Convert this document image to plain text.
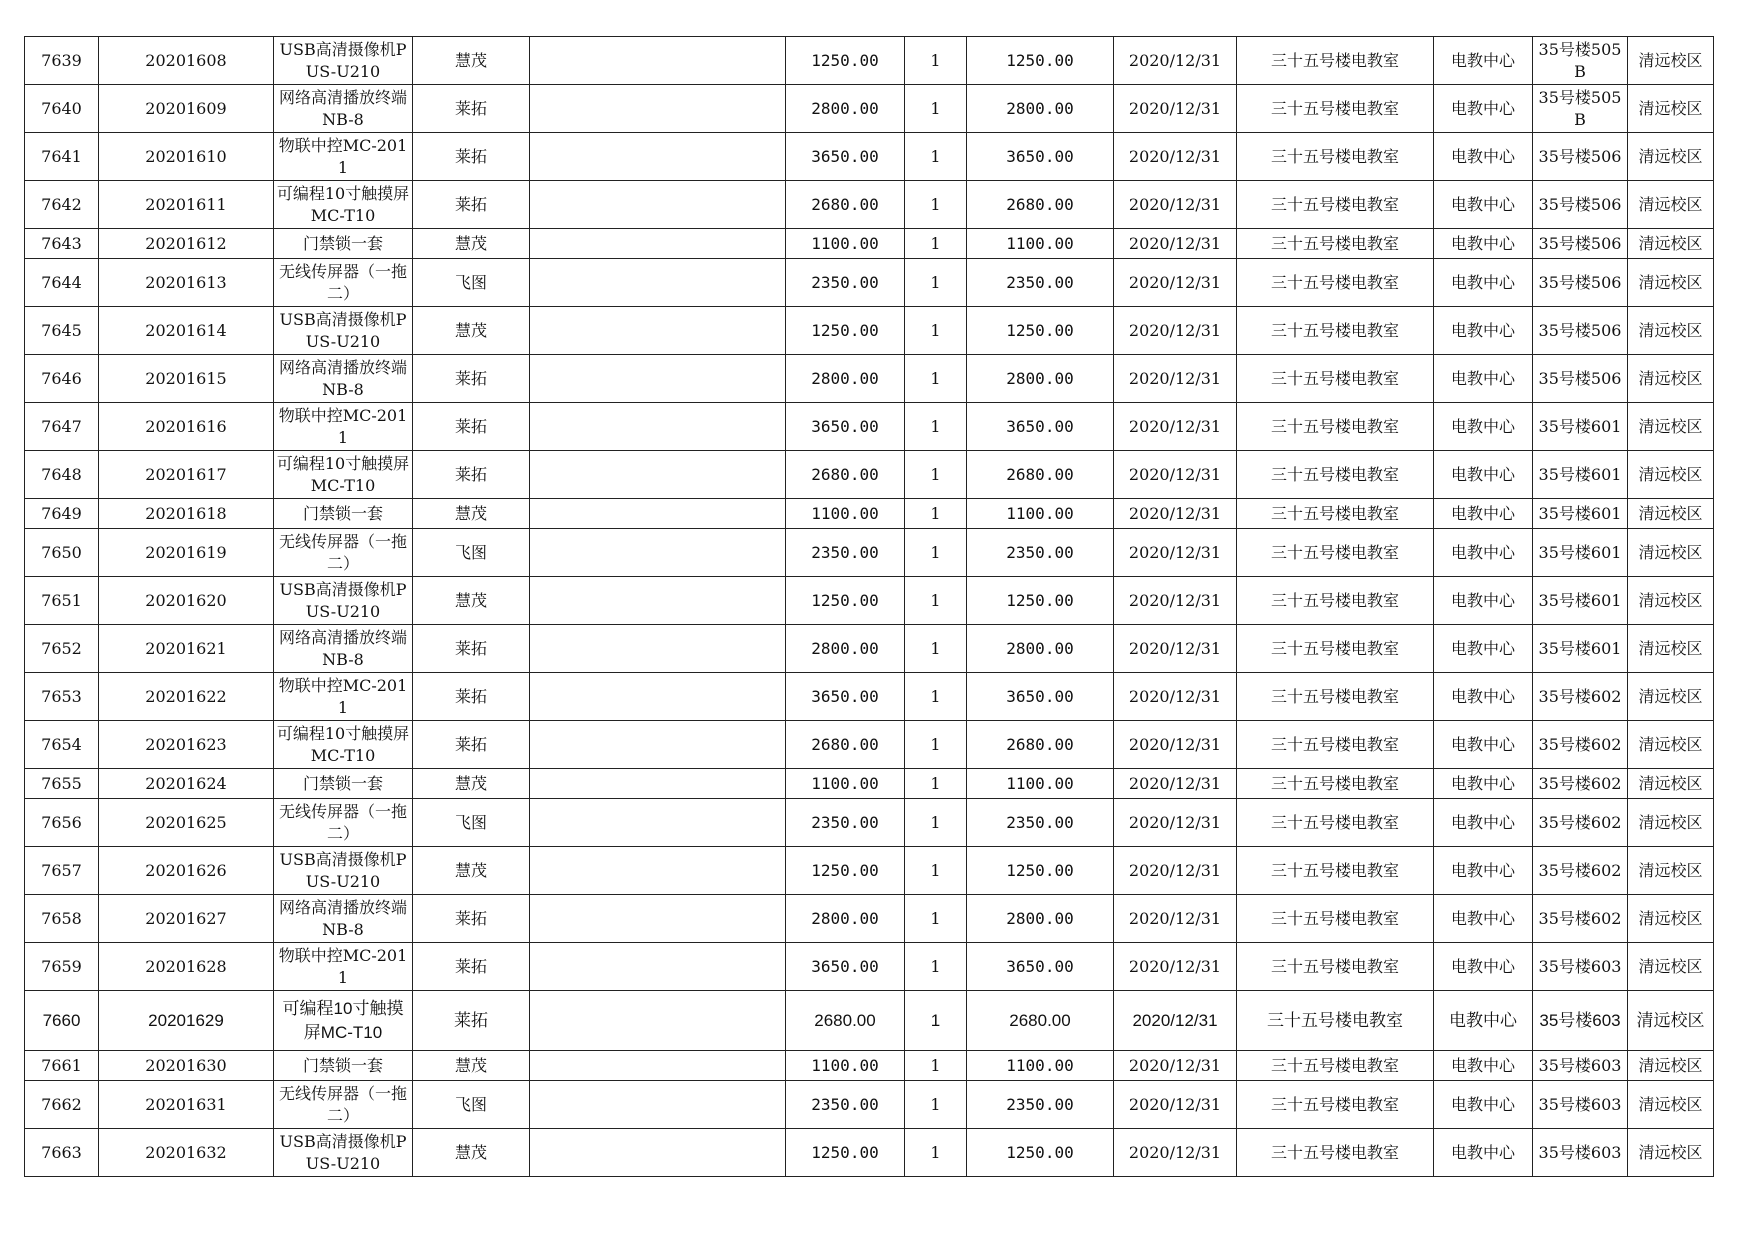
7639	20201608	USB高清摄像机PUS-U210	慧茂		1250.00	1	1250.00	2020/12/31	三十五号楼电教室	电教中心	35号楼505B	清远校区
7640	20201609	网络高清播放终端NB-8	莱拓		2800.00	1	2800.00	2020/12/31	三十五号楼电教室	电教中心	35号楼505B	清远校区
7641	20201610	物联中控MC-2011	莱拓		3650.00	1	3650.00	2020/12/31	三十五号楼电教室	电教中心	35号楼506	清远校区
7642	20201611	可编程10寸触摸屏MC-T10	莱拓		2680.00	1	2680.00	2020/12/31	三十五号楼电教室	电教中心	35号楼506	清远校区
7643	20201612	门禁锁一套	慧茂		1100.00	1	1100.00	2020/12/31	三十五号楼电教室	电教中心	35号楼506	清远校区
7644	20201613	无线传屏器（一拖二）	飞图		2350.00	1	2350.00	2020/12/31	三十五号楼电教室	电教中心	35号楼506	清远校区
7645	20201614	USB高清摄像机PUS-U210	慧茂		1250.00	1	1250.00	2020/12/31	三十五号楼电教室	电教中心	35号楼506	清远校区
7646	20201615	网络高清播放终端NB-8	莱拓		2800.00	1	2800.00	2020/12/31	三十五号楼电教室	电教中心	35号楼506	清远校区
7647	20201616	物联中控MC-2011	莱拓		3650.00	1	3650.00	2020/12/31	三十五号楼电教室	电教中心	35号楼601	清远校区
7648	20201617	可编程10寸触摸屏MC-T10	莱拓		2680.00	1	2680.00	2020/12/31	三十五号楼电教室	电教中心	35号楼601	清远校区
7649	20201618	门禁锁一套	慧茂		1100.00	1	1100.00	2020/12/31	三十五号楼电教室	电教中心	35号楼601	清远校区
7650	20201619	无线传屏器（一拖二）	飞图		2350.00	1	2350.00	2020/12/31	三十五号楼电教室	电教中心	35号楼601	清远校区
7651	20201620	USB高清摄像机PUS-U210	慧茂		1250.00	1	1250.00	2020/12/31	三十五号楼电教室	电教中心	35号楼601	清远校区
7652	20201621	网络高清播放终端NB-8	莱拓		2800.00	1	2800.00	2020/12/31	三十五号楼电教室	电教中心	35号楼601	清远校区
7653	20201622	物联中控MC-2011	莱拓		3650.00	1	3650.00	2020/12/31	三十五号楼电教室	电教中心	35号楼602	清远校区
7654	20201623	可编程10寸触摸屏MC-T10	莱拓		2680.00	1	2680.00	2020/12/31	三十五号楼电教室	电教中心	35号楼602	清远校区
7655	20201624	门禁锁一套	慧茂		1100.00	1	1100.00	2020/12/31	三十五号楼电教室	电教中心	35号楼602	清远校区
7656	20201625	无线传屏器（一拖二）	飞图		2350.00	1	2350.00	2020/12/31	三十五号楼电教室	电教中心	35号楼602	清远校区
7657	20201626	USB高清摄像机PUS-U210	慧茂		1250.00	1	1250.00	2020/12/31	三十五号楼电教室	电教中心	35号楼602	清远校区
7658	20201627	网络高清播放终端NB-8	莱拓		2800.00	1	2800.00	2020/12/31	三十五号楼电教室	电教中心	35号楼602	清远校区
7659	20201628	物联中控MC-2011	莱拓		3650.00	1	3650.00	2020/12/31	三十五号楼电教室	电教中心	35号楼603	清远校区
7660	20201629	可编程10寸触摸屏MC-T10	莱拓		2680.00	1	2680.00	2020/12/31	三十五号楼电教室	电教中心	35号楼603	清远校区
7661	20201630	门禁锁一套	慧茂		1100.00	1	1100.00	2020/12/31	三十五号楼电教室	电教中心	35号楼603	清远校区
7662	20201631	无线传屏器（一拖二）	飞图		2350.00	1	2350.00	2020/12/31	三十五号楼电教室	电教中心	35号楼603	清远校区
7663	20201632	USB高清摄像机PUS-U210	慧茂		1250.00	1	1250.00	2020/12/31	三十五号楼电教室	电教中心	35号楼603	清远校区
